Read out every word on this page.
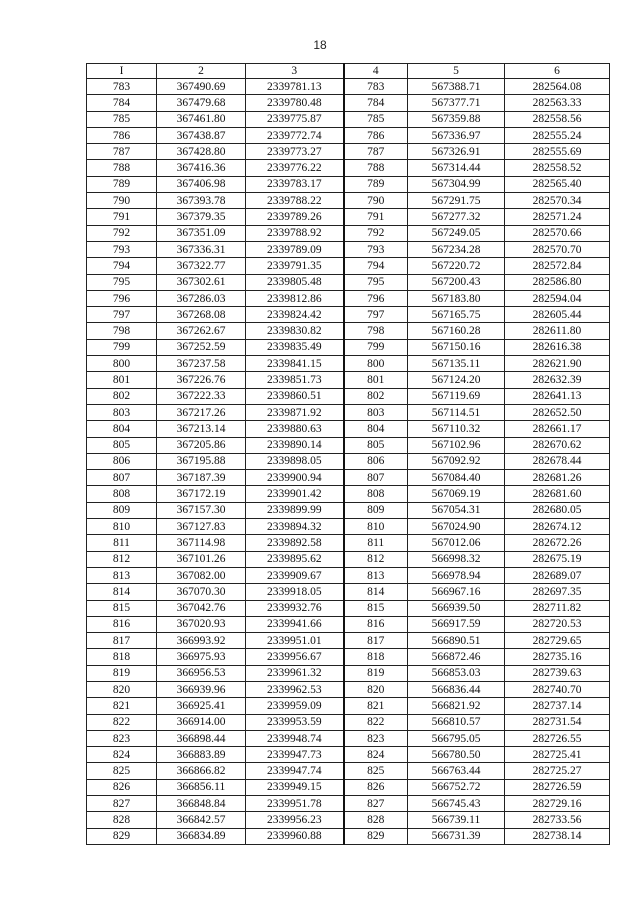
18
I	2	3	4	5	6
783	367490.69	2339781.13	783	567388.71	282564.08
784	367479.68	2339780.48	784	567377.71	282563.33
785	367461.80	2339775.87	785	567359.88	282558.56
786	367438.87	2339772.74	786	567336.97	282555.24
787	367428.80	2339773.27	787	567326.91	282555.69
788	367416.36	2339776.22	788	567314.44	282558.52
789	367406.98	2339783.17	789	567304.99	282565.40
790	367393.78	2339788.22	790	567291.75	282570.34
791	367379.35	2339789.26	791	567277.32	282571.24
792	367351.09	2339788.92	792	567249.05	282570.66
793	367336.31	2339789.09	793	567234.28	282570.70
794	367322.77	2339791.35	794	567220.72	282572.84
795	367302.61	2339805.48	795	567200.43	282586.80
796	367286.03	2339812.86	796	567183.80	282594.04
797	367268.08	2339824.42	797	567165.75	282605.44
798	367262.67	2339830.82	798	567160.28	282611.80
799	367252.59	2339835.49	799	567150.16	282616.38
800	367237.58	2339841.15	800	567135.11	282621.90
801	367226.76	2339851.73	801	567124.20	282632.39
802	367222.33	2339860.51	802	567119.69	282641.13
803	367217.26	2339871.92	803	567114.51	282652.50
804	367213.14	2339880.63	804	567110.32	282661.17
805	367205.86	2339890.14	805	567102.96	282670.62
806	367195.88	2339898.05	806	567092.92	282678.44
807	367187.39	2339900.94	807	567084.40	282681.26
808	367172.19	2339901.42	808	567069.19	282681.60
809	367157.30	2339899.99	809	567054.31	282680.05
810	367127.83	2339894.32	810	567024.90	282674.12
811	367114.98	2339892.58	811	567012.06	282672.26
812	367101.26	2339895.62	812	566998.32	282675.19
813	367082.00	2339909.67	813	566978.94	282689.07
814	367070.30	2339918.05	814	566967.16	282697.35
815	367042.76	2339932.76	815	566939.50	282711.82
816	367020.93	2339941.66	816	566917.59	282720.53
817	366993.92	2339951.01	817	566890.51	282729.65
818	366975.93	2339956.67	818	566872.46	282735.16
819	366956.53	2339961.32	819	566853.03	282739.63
820	366939.96	2339962.53	820	566836.44	282740.70
821	366925.41	2339959.09	821	566821.92	282737.14
822	366914.00	2339953.59	822	566810.57	282731.54
823	366898.44	2339948.74	823	566795.05	282726.55
824	366883.89	2339947.73	824	566780.50	282725.41
825	366866.82	2339947.74	825	566763.44	282725.27
826	366856.11	2339949.15	826	566752.72	282726.59
827	366848.84	2339951.78	827	566745.43	282729.16
828	366842.57	2339956.23	828	566739.11	282733.56
829	366834.89	2339960.88	829	566731.39	282738.14
